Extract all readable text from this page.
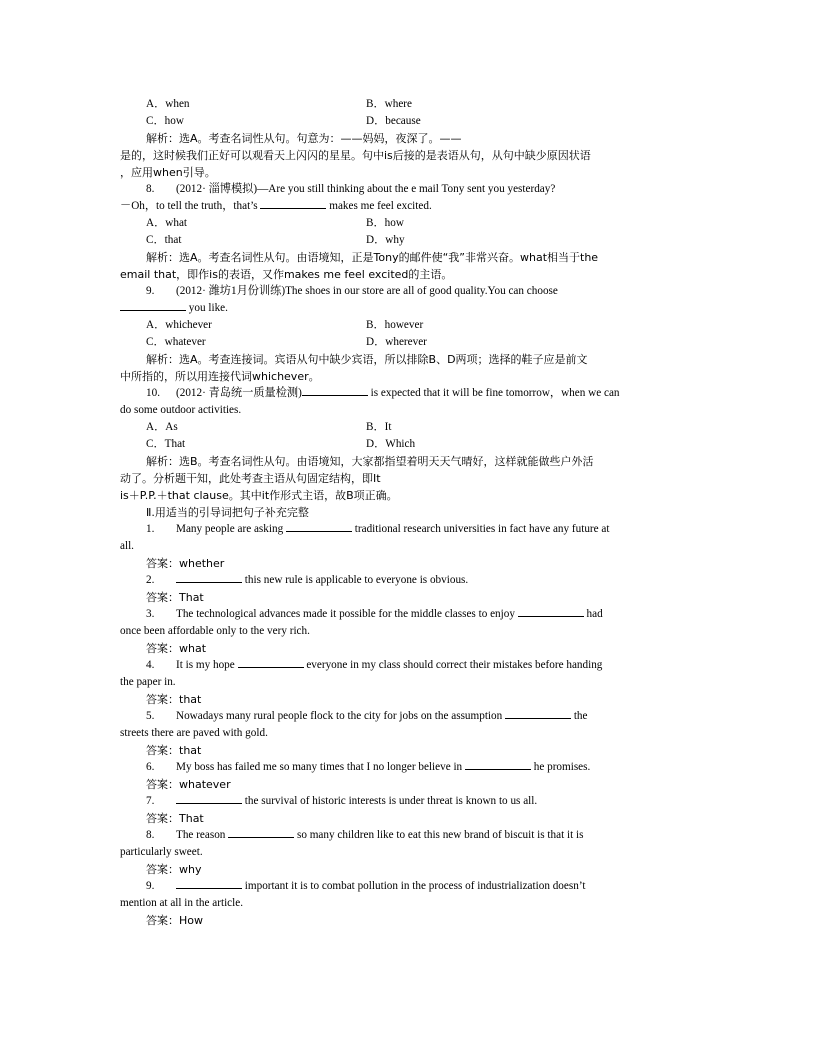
A．when	B．where
C．how	D．because
解析：选A。考查名词性从句。句意为：——妈妈，夜深了。——
是的，这时候我们正好可以观看天上闪闪的星星。句中is后接的是表语从句，从句中缺少原因状语
，应用when引导。
8. (2012· 淄博模拟)—Are you still thinking about the e mail Tony sent you yesterday?
－Oh，to tell the truth，that’s	makes me feel excited.
A．what	B．how
C．that	D．why
解析：选A。考查名词性从句。由语境知，正是Tony的邮件使“我”非常兴奋。what相当于the
email that，即作is的表语，又作makes me feel excited的主语。
9. (2012· 潍坊1月份训练)The shoes in our store are all of good quality.You can choose
you like.
A．whichever	B．however
C．whatever	D．wherever
解析：选A。考查连接词。宾语从句中缺少宾语，所以排除B、D两项；选择的鞋子应是前文
中所指的，所以用连接代词whichever。
10. (2012· 青岛统一质量检测)	is expected that it will be fine tomorrow，when we can
do some outdoor activities.
A．As	B．It
C．That	D．Which
解析：选B。考查名词性从句。由语境知，大家都指望着明天天气晴好，这样就能做些户外活
动了。分析题干知，此处考查主语从句固定结构，即It
is＋P.P.＋that clause。其中it作形式主语，故B项正确。
Ⅱ.用适当的引导词把句子补充完整
1. Many people are asking	traditional research universities in fact have any future at
all.
答案：whether
2.	this new rule is applicable to everyone is obvious.
答案：That
3. The technological advances made it possible for the middle classes to enjoy	had
once been affordable only to the very rich.
答案：what
4. It is my hope	everyone in my class should correct their mistakes before handing
the paper in.
答案：that
5. Nowadays many rural people flock to the city for jobs on the assumption	the
streets there are paved with gold.
答案：that
6. My boss has failed me so many times that I no longer believe in	he promises.
答案：whatever
7.	the survival of historic interests is under threat is known to us all.
答案：That
8. The reason	so many children like to eat this new brand of biscuit is that it is
particularly sweet.
答案：why
9.	important it is to combat pollution in the process of industrialization doesn’t
mention at all in the article.
答案：How
